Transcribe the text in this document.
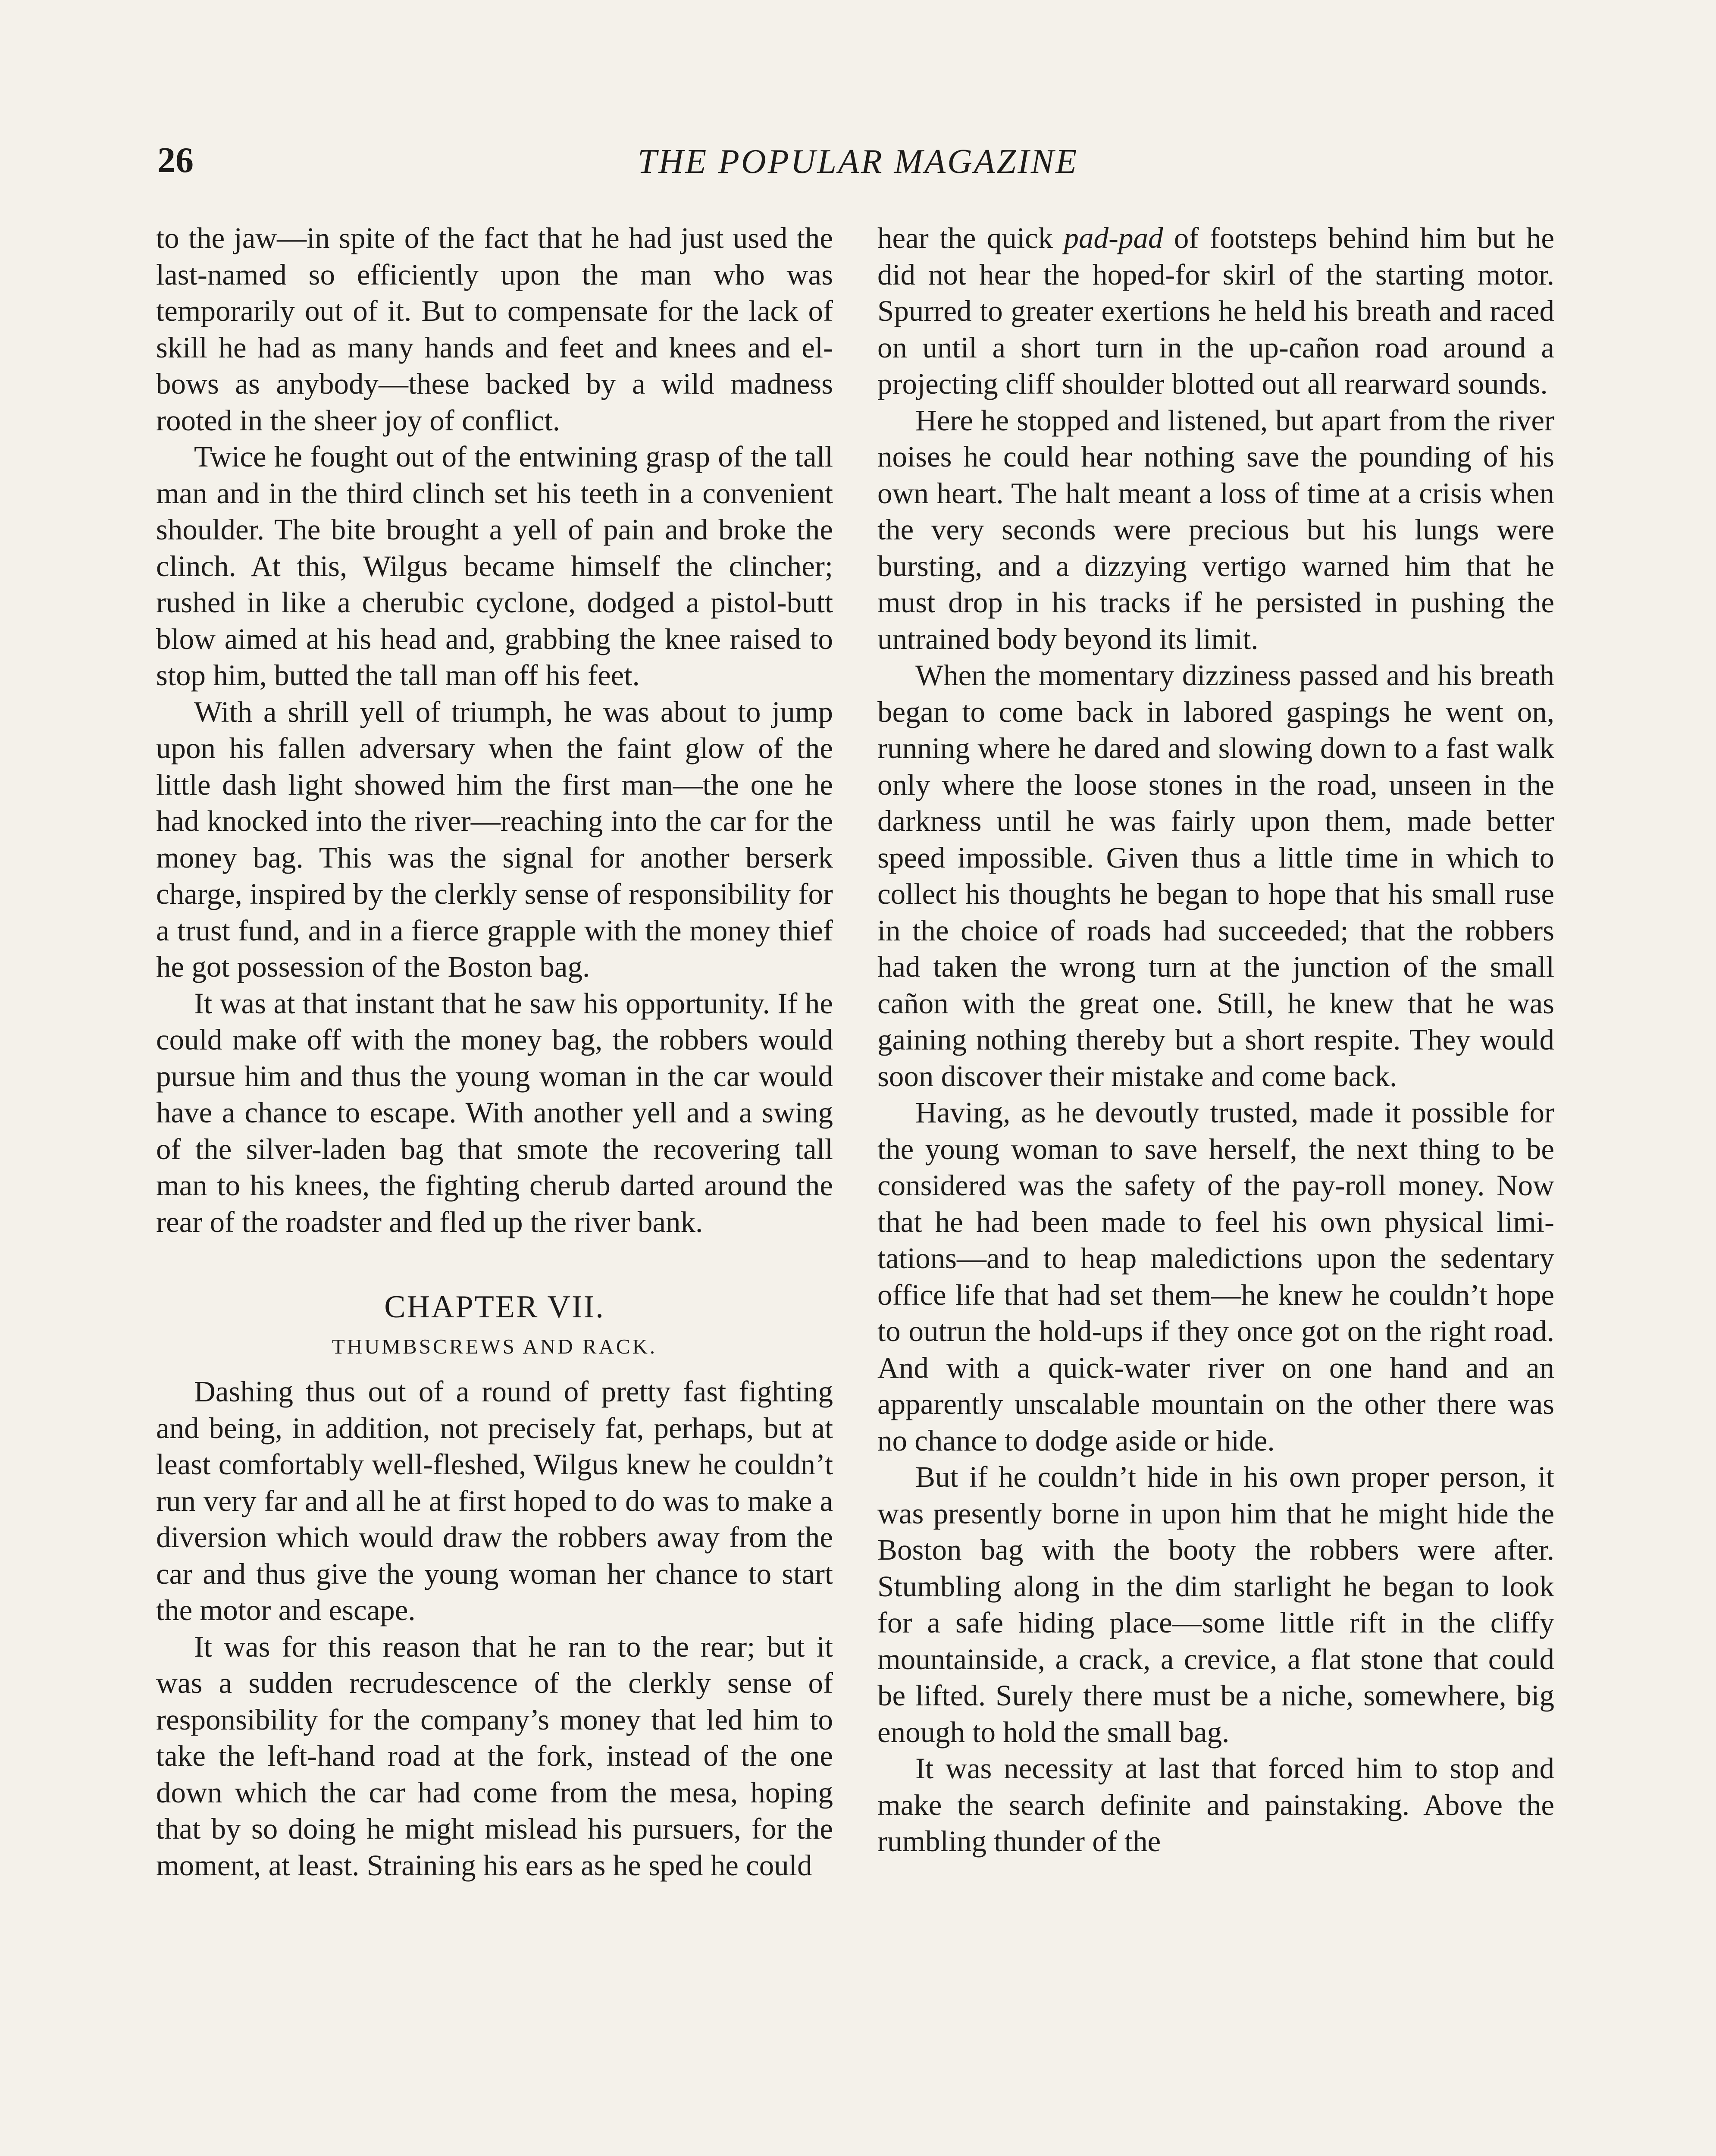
26	THE POPULAR MAGAZINE

to the jaw—in spite of the fact that he had just used the last-named so efficiently upon the man who was temporarily out of it. But to compensate for the lack of skill he had as many hands and feet and knees and elbows as anybody—these backed by a wild madness rooted in the sheer joy of conflict.

Twice he fought out of the entwining grasp of the tall man and in the third clinch set his teeth in a convenient shoulder. The bite brought a yell of pain and broke the clinch. At this, Wilgus became himself the clincher; rushed in like a cherubic cyclone, dodged a pistol-butt blow aimed at his head and, grabbing the knee raised to stop him, butted the tall man off his feet.

With a shrill yell of triumph, he was about to jump upon his fallen adversary when the faint glow of the little dash light showed him the first man—the one he had knocked into the river—reaching into the car for the money bag. This was the signal for another berserk charge, inspired by the clerkly sense of responsibility for a trust fund, and in a fierce grapple with the money thief he got possession of the Boston bag.

It was at that instant that he saw his opportunity. If he could make off with the money bag, the robbers would pursue him and thus the young woman in the car would have a chance to escape. With another yell and a swing of the silver-laden bag that smote the recovering tall man to his knees, the fighting cherub darted around the rear of the roadster and fled up the river bank.

CHAPTER VII.
THUMBSCREWS AND RACK.

Dashing thus out of a round of pretty fast fighting and being, in addition, not precisely fat, perhaps, but at least comfortably well-fleshed, Wilgus knew he couldn’t run very far and all he at first hoped to do was to make a diversion which would draw the robbers away from the car and thus give the young woman her chance to start the motor and escape.

It was for this reason that he ran to the rear; but it was a sudden recrudescence of the clerkly sense of responsibility for the company’s money that led him to take the left-hand road at the fork, instead of the one down which the car had come from the mesa, hoping that by so doing he might mislead his pursuers, for the moment, at least. Straining his ears as he sped he could

hear the quick pad-pad of footsteps behind him but he did not hear the hoped-for skirl of the starting motor. Spurred to greater exertions he held his breath and raced on until a short turn in the up-cañon road around a projecting cliff shoulder blotted out all rearward sounds.

Here he stopped and listened, but apart from the river noises he could hear nothing save the pounding of his own heart. The halt meant a loss of time at a crisis when the very seconds were precious but his lungs were bursting, and a dizzying vertigo warned him that he must drop in his tracks if he persisted in pushing the untrained body beyond its limit.

When the momentary dizziness passed and his breath began to come back in labored gaspings he went on, running where he dared and slowing down to a fast walk only where the loose stones in the road, unseen in the darkness until he was fairly upon them, made better speed impossible. Given thus a little time in which to collect his thoughts he began to hope that his small ruse in the choice of roads had succeeded; that the robbers had taken the wrong turn at the junction of the small cañon with the great one. Still, he knew that he was gaining nothing thereby but a short respite. They would soon discover their mistake and come back.

Having, as he devoutly trusted, made it possible for the young woman to save herself, the next thing to be considered was the safety of the pay-roll money. Now that he had been made to feel his own physical limitations—and to heap maledictions upon the sedentary office life that had set them—he knew he couldn’t hope to outrun the hold-ups if they once got on the right road. And with a quick-water river on one hand and an apparently unscalable mountain on the other there was no chance to dodge aside or hide.

But if he couldn’t hide in his own proper person, it was presently borne in upon him that he might hide the Boston bag with the booty the robbers were after. Stumbling along in the dim starlight he began to look for a safe hiding place—some little rift in the cliffy mountainside, a crack, a crevice, a flat stone that could be lifted. Surely there must be a niche, somewhere, big enough to hold the small bag.

It was necessity at last that forced him to stop and make the search definite and painstaking. Above the rumbling thunder of the
